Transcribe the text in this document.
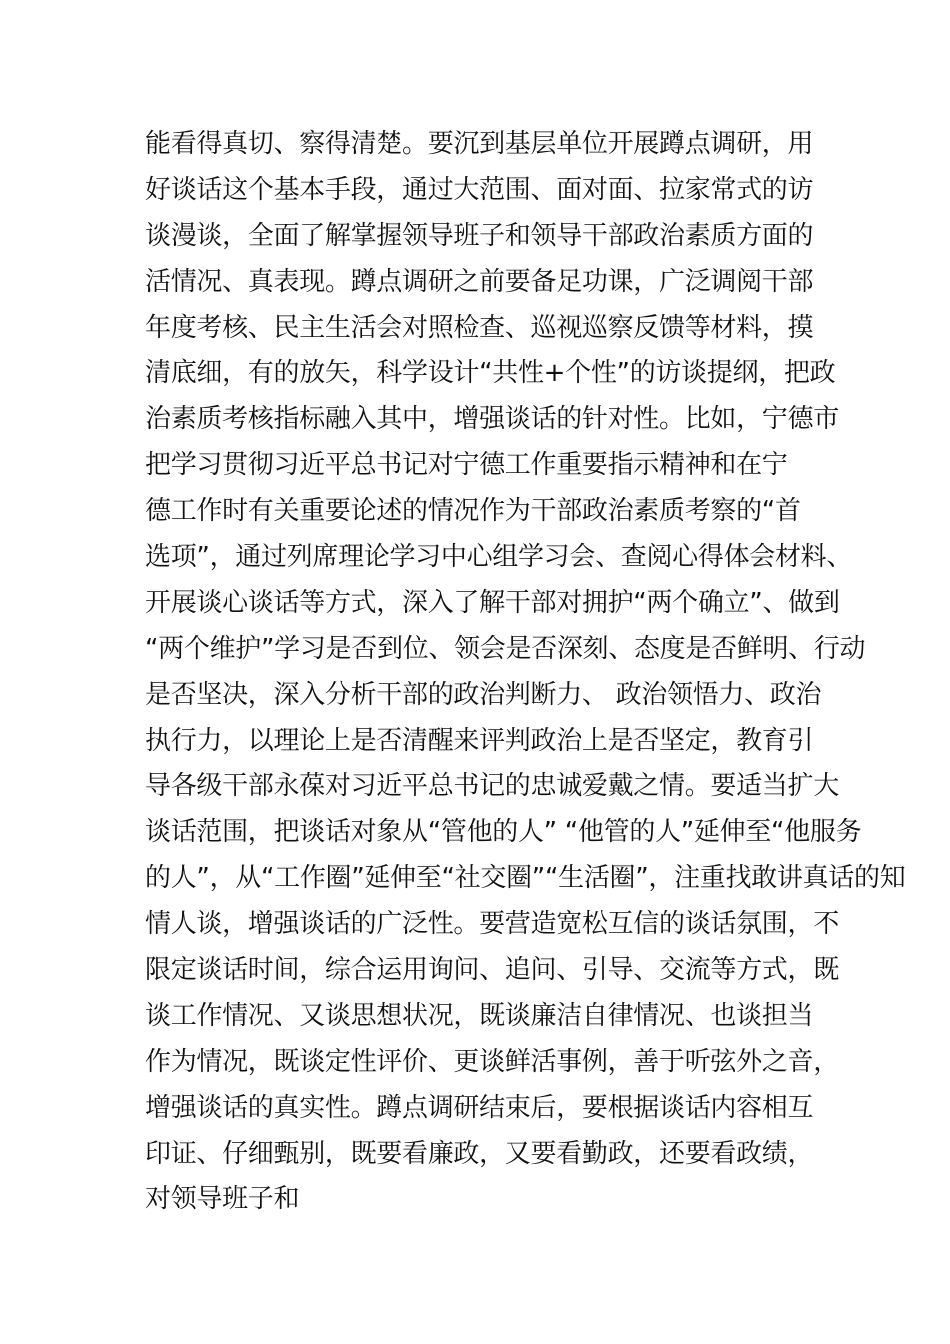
能看得真切、察得清楚。要沉到基层单位开展蹲点调研，用
好谈话这个基本手段，通过大范围、面对面、拉家常式的访
谈漫谈，全面了解掌握领导班子和领导干部政治素质方面的
活情况、真表现。蹲点调研之前要备足功课，广泛调阅干部
年度考核、民主生活会对照检查、巡视巡察反馈等材料，摸
清底细，有的放矢，科学设计“共性+个性”的访谈提纲，把政
治素质考核指标融入其中，增强谈话的针对性。比如，宁德市
把学习贯彻习近平总书记对宁德工作重要指示精神和在宁
德工作时有关重要论述的情况作为干部政治素质考察的“首
选项”，通过列席理论学习中心组学习会、查阅心得体会材料、
开展谈心谈话等方式，深入了解干部对拥护“两个确立”、做到
“两个维护”学习是否到位、领会是否深刻、态度是否鲜明、行动
是否坚决，深入分析干部的政治判断力、 政治领悟力、政治
执行力，以理论上是否清醒来评判政治上是否坚定，教育引
导各级干部永葆对习近平总书记的忠诚爱戴之情。要适当扩大
谈话范围，把谈话对象从“管他的人” “他管的人”延伸至“他服务
的人”，从“工作圈”延伸至“社交圈”“生活圈”，注重找敢讲真话的知
情人谈，增强谈话的广泛性。要营造宽松互信的谈话氛围，不
限定谈话时间，综合运用询问、追问、引导、交流等方式，既
谈工作情况、又谈思想状况，既谈廉洁自律情况、也谈担当
作为情况，既谈定性评价、更谈鲜活事例，善于听弦外之音，
增强谈话的真实性。蹲点调研结束后，要根据谈话内容相互
印证、仔细甄别，既要看廉政，又要看勤政，还要看政绩，
对领导班子和
